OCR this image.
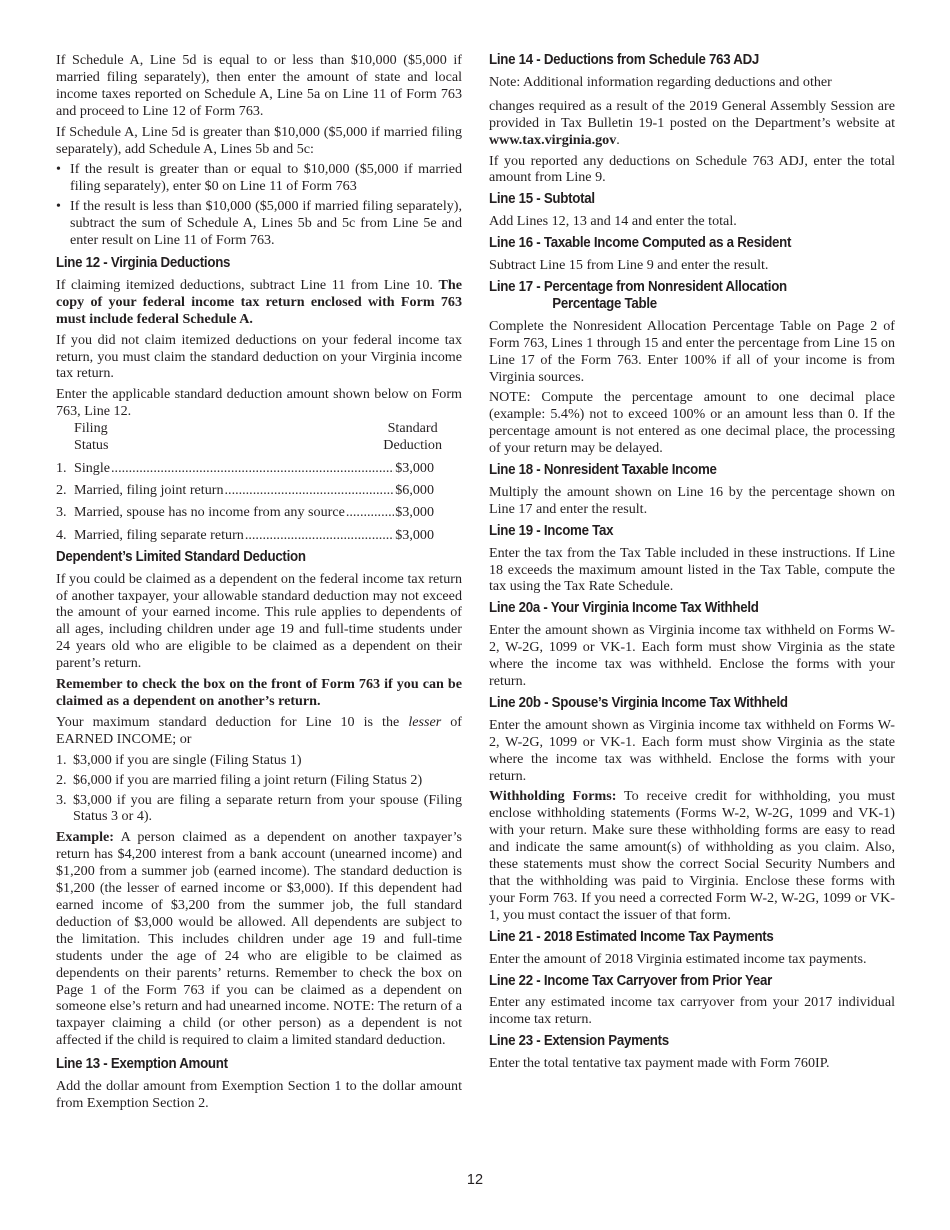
If Schedule A, Line 5d is equal to or less than $10,000 ($5,000 if married filing separately), then enter the amount of state and local income taxes reported on Schedule A, Line 5a on Line 11 of Form 763 and proceed to Line 12 of Form 763.

If Schedule A, Line 5d is greater than $10,000 ($5,000 if married filing separately), add Schedule A, Lines 5b and 5c:

• If the result is greater than or equal to $10,000 ($5,000 if married filing separately), enter $0 on Line 11 of Form 763
• If the result is less than $10,000 ($5,000 if married filing separately), subtract the sum of Schedule A, Lines 5b and 5c from Line 5e and enter result on Line 11 of Form 763.
Line 12 - Virginia Deductions

If claiming itemized deductions, subtract Line 11 from Line 10. The copy of your federal income tax return enclosed with Form 763 must include federal Schedule A.

If you did not claim itemized deductions on your federal income tax return, you must claim the standard deduction on your Virginia income tax return.

Enter the applicable standard deduction amount shown below on Form 763, Line 12.

Filing
Status
Standard
Deduction
1. Single .....	$3,000
2. Married, filing joint return .....	$6,000
3. Married, spouse has no income from any source .....	$3,000
4. Married, filing separate return .....	$3,000
Dependent’s Limited Standard Deduction

If you could be claimed as a dependent on the federal income tax return of another taxpayer, your allowable standard deduction may not exceed the amount of your earned income. This rule applies to dependents of all ages, including children under age 19 and full-time students under 24 years old who are eligible to be claimed as a dependent on their parent’s return.

Remember to check the box on the front of Form 763 if you can be claimed as a dependent on another’s return.

Your maximum standard deduction for Line 10 is the lesser of EARNED INCOME; or

1. $3,000 if you are single (Filing Status 1)
2. $6,000 if you are married filing a joint return (Filing Status 2)
3. $3,000 if you are filing a separate return from your spouse (Filing Status 3 or 4).

Example: A person claimed as a dependent on another taxpayer’s return has $4,200 interest from a bank account (unearned income) and $1,200 from a summer job (earned income). The standard deduction is $1,200 (the lesser of earned income or $3,000). If this dependent had earned income of $3,200 from the summer job, the full standard deduction of $3,000 would be allowed. All dependents are subject to the limitation. This includes children under age 19 and full-time students under the age of 24 who are eligible to be claimed as dependents on their parents’ returns. Remember to check the box on Page 1 of the Form 763 if you can be claimed as a dependent on someone else’s return and had unearned income. NOTE: The return of a taxpayer claiming a child (or other person) as a dependent is not affected if the child is required to claim a limited standard deduction.

Line 13 - Exemption Amount

Add the dollar amount from Exemption Section 1 to the dollar amount from Exemption Section 2.

Line 14 - Deductions from Schedule 763 ADJ

Note: Additional information regarding deductions and other

changes required as a result of the 2019 General Assembly Session are provided in Tax Bulletin 19-1 posted on the Department’s website at www.tax.virginia.gov.

If you reported any deductions on Schedule 763 ADJ, enter the total amount from Line 9.

Line 15 - Subtotal

Add Lines 12, 13 and 14 and enter the total.

Line 16 - Taxable Income Computed as a Resident

Subtract Line 15 from Line 9 and enter the result.

Line 17 - Percentage from Nonresident Allocation
Percentage Table

Complete the Nonresident Allocation Percentage Table on Page 2 of Form 763, Lines 1 through 15 and enter the percentage from Line 15 on Line 17 of the Form 763. Enter 100% if all of your income is from Virginia sources.

NOTE: Compute the percentage amount to one decimal place (example: 5.4%) not to exceed 100% or an amount less than 0. If the percentage amount is not entered as one decimal place, the processing of your return may be delayed.

Line 18 - Nonresident Taxable Income

Multiply the amount shown on Line 16 by the percentage shown on Line 17 and enter the result.

Line 19 - Income Tax

Enter the tax from the Tax Table included in these instructions. If Line 18 exceeds the maximum amount listed in the Tax Table, compute the tax using the Tax Rate Schedule.

Line 20a - Your Virginia Income Tax Withheld

Enter the amount shown as Virginia income tax withheld on Forms W-2, W-2G, 1099 or VK-1. Each form must show Virginia as the state where the income tax was withheld. Enclose the forms with your return.

Line 20b - Spouse’s Virginia Income Tax Withheld

Enter the amount shown as Virginia income tax withheld on Forms W-2, W-2G, 1099 or VK-1. Each form must show Virginia as the state where the income tax was withheld. Enclose the forms with your return.

Withholding Forms: To receive credit for withholding, you must enclose withholding statements (Forms W-2, W-2G, 1099 and VK-1) with your return. Make sure these withholding forms are easy to read and indicate the same amount(s) of withholding as you claim. Also, these statements must show the correct Social Security Numbers and that the withholding was paid to Virginia. Enclose these forms with your Form 763. If you need a corrected Form W-2, W-2G, 1099 or VK-1, you must contact the issuer of that form.

Line 21 - 2018 Estimated Income Tax Payments

Enter the amount of 2018 Virginia estimated income tax payments.

Line 22 - Income Tax Carryover from Prior Year

Enter any estimated income tax carryover from your 2017 individual income tax return.

Line 23 - Extension Payments

Enter the total tentative tax payment made with Form 760IP.

12
